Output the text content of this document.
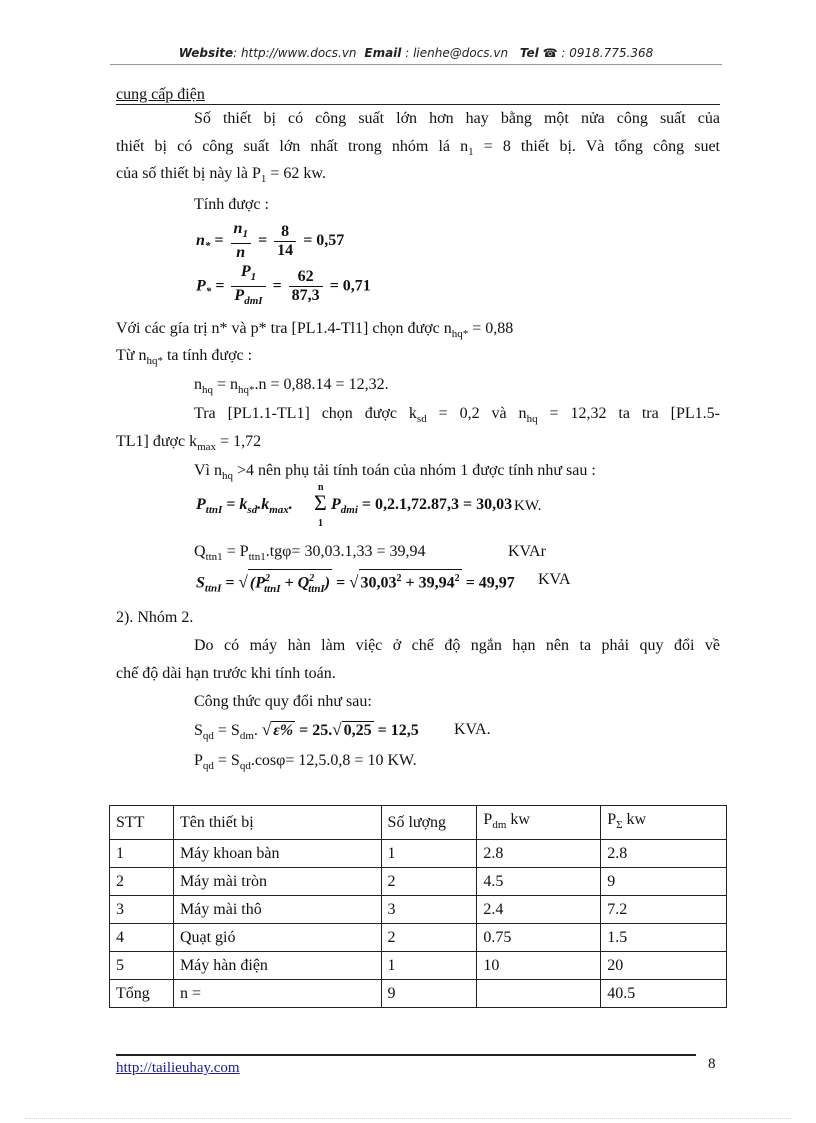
Website: http://www.docs.vn Email : lienhe@docs.vn Tel ☎ : 0918.775.368
cung cấp điện
Số thiết bị có công suất lớn hơn hay bằng một nửa công suất của
thiết bị có công suất lớn nhất trong nhóm lá $n_1 = 8$ thiết bị. Và tổng công suet
của số thiết bị này là $P_1 = 62$ kw.
Tính được :
$n_* = \frac{n_1}{n} = \frac{8}{14} = 0,57$
$P_* = \frac{P_1}{P_{dmI}} = \frac{62}{87,3} = 0,71$
Với các gía trị n* và p* tra [PL1.4-Tl1] chọn được $n_{hq*} = 0,88$
Từ $n_{hq*}$ ta tính được :
$n_{hq} = n_{hq*}.n = 0,88.14 = 12,32$.
Tra [PL1.1-TL1] chọn được $k_{sd} = 0,2$ và $n_{hq} = 12,32$ ta tra [PL1.5-
TL1] được $k_{max} = 1,72$
Vì $n_{hq} >4$ nên phụ tải tính toán của nhóm 1 được tính như sau :
$P_{ttnI} = k_{sd}.k_{max}$.
n
Σ
1
$P_{dmi} = 0,2.1,72.87,3 = 30,03$ KW.
$Q_{ttn1} = P_{ttn1}.tg\varphi= 30,03.1,33 = 39,94$	KVAr
$S_{ttnI}$ = √ $(P^2_{ttnI} + Q^2_{ttnI})$ = √ $30,03^2 + 39,94^2 = 49,97$ KVA
2). Nhóm 2.
Do có máy hàn làm việc ở chế độ ngắn hạn nên ta phải quy đổi về
chế độ dài hạn trước khi tính toán.
Công thức quy đổi như sau:
$S_{qd} = S_{dm}$. √ ε% = 25.√ 0,25 = 12,5 KVA.
$P_{qd} = S_{qd}.\cos\varphi= 12,5.0,8 = 10$ KW.
STT	Tên thiết bị	Số lượng	$P_{dm}$ kw	$P_\Sigma$ kw
1	Máy khoan bàn	1	2.8	2.8
2	Máy mài tròn	2	4.5	9
3	Máy mài thô	3	2.4	7.2
4	Quạt gió	2	0.75	1.5
5	Máy hàn điện	1	10	20
Tổng	n =	9		40.5
http://tailieuhay.com	8
